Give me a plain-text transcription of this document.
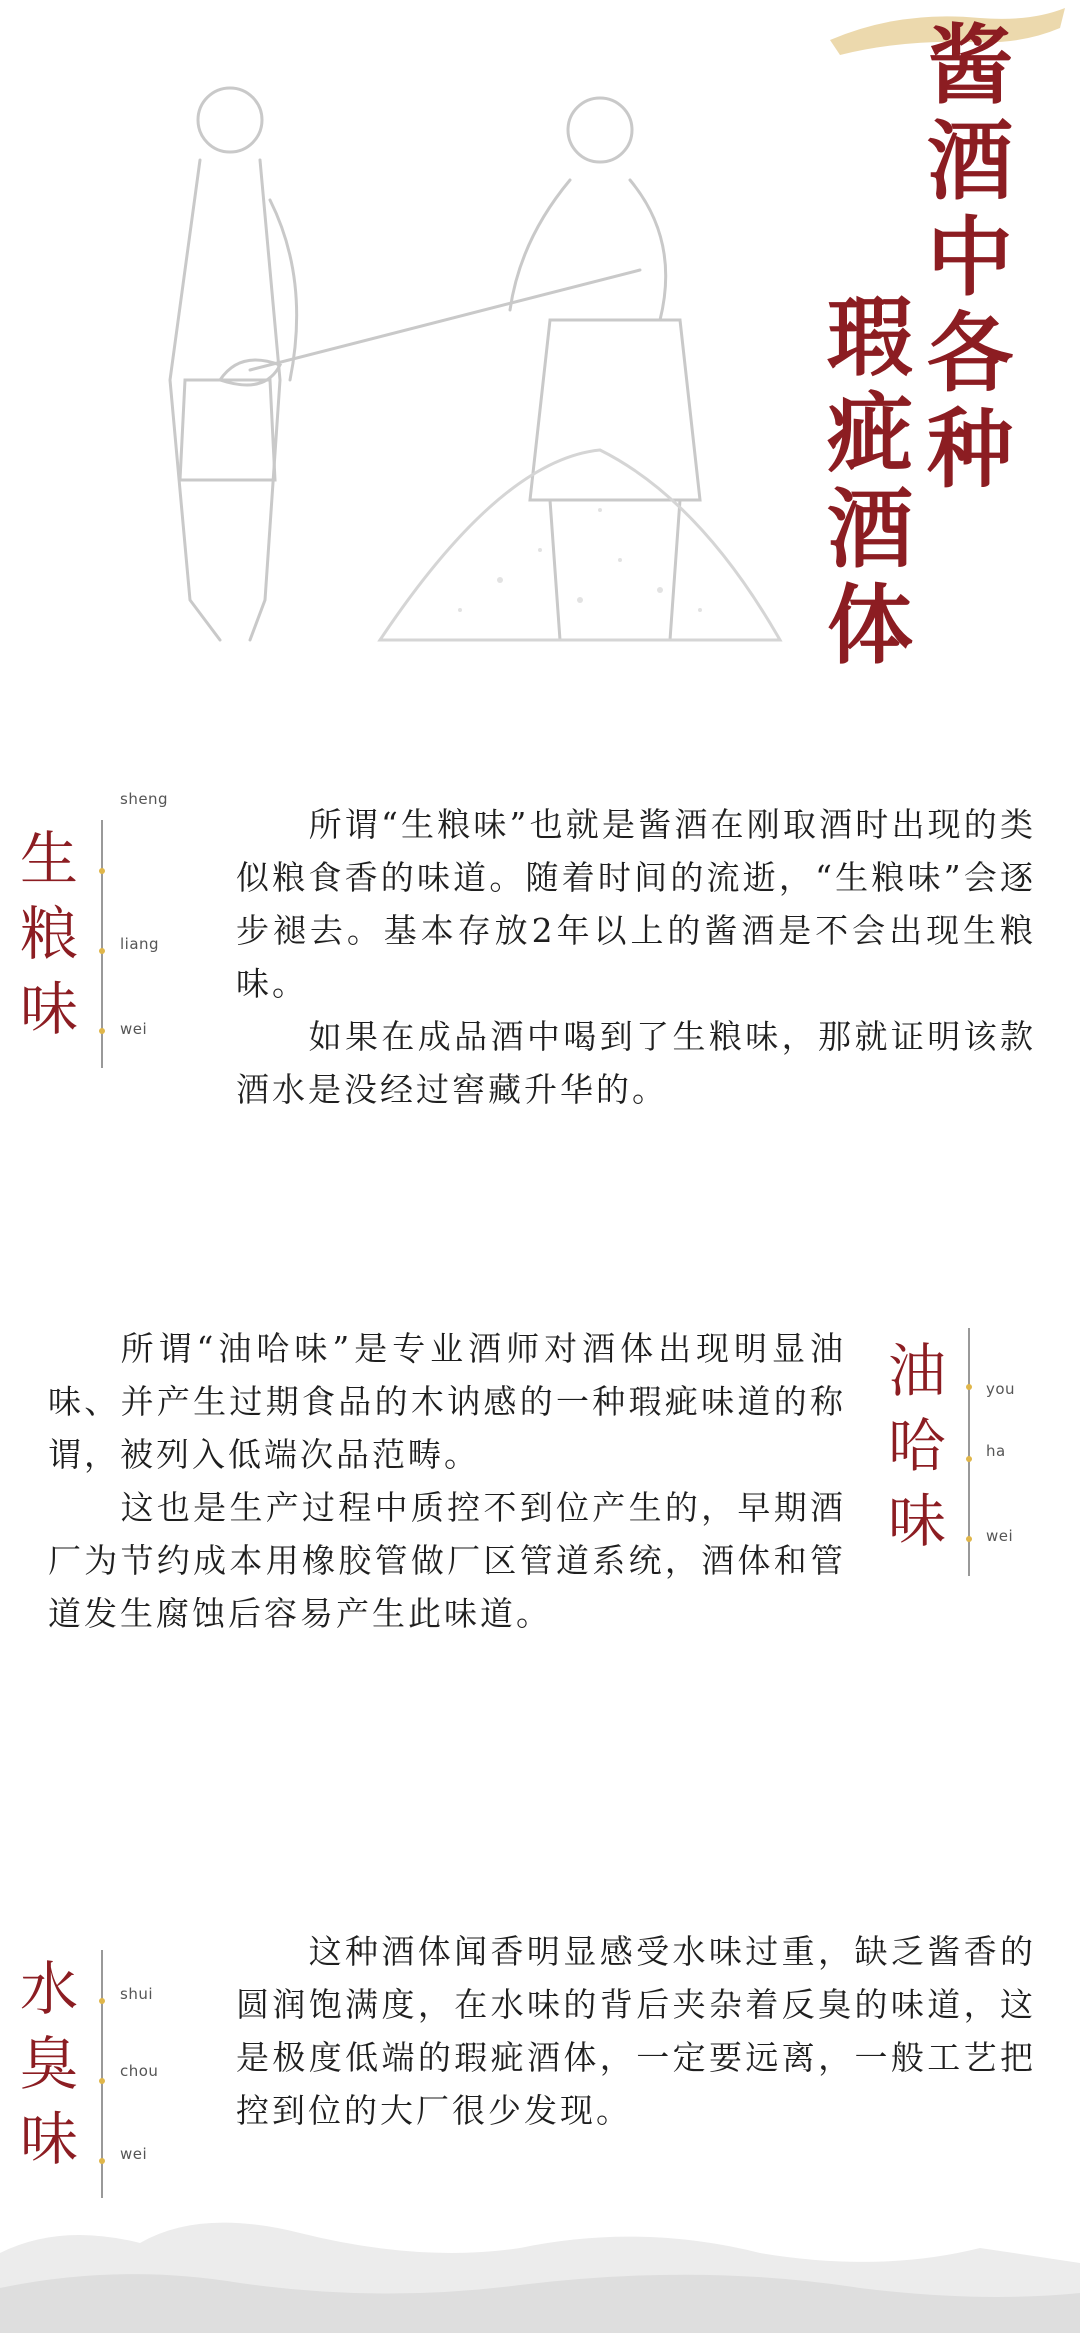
酱酒中各种
瑕疵酒体
生粮味
sheng
liang
wei

所谓“生粮味”也就是酱酒在刚取酒时出现的类似粮食香的味道。随着时间的流逝，“生粮味”会逐步褪去。基本存放2年以上的酱酒是不会出现生粮味。

如果在成品酒中喝到了生粮味，那就证明该款酒水是没经过窖藏升华的。

油哈味
you
ha
wei

所谓“油哈味”是专业酒师对酒体出现明显油味、并产生过期食品的木讷感的一种瑕疵味道的称谓，被列入低端次品范畴。

这也是生产过程中质控不到位产生的，早期酒厂为节约成本用橡胶管做厂区管道系统，酒体和管道发生腐蚀后容易产生此味道。

水臭味
shui
chou
wei

这种酒体闻香明显感受水味过重，缺乏酱香的圆润饱满度，在水味的背后夹杂着反臭的味道，这是极度低端的瑕疵酒体，一定要远离，一般工艺把控到位的大厂很少发现。
